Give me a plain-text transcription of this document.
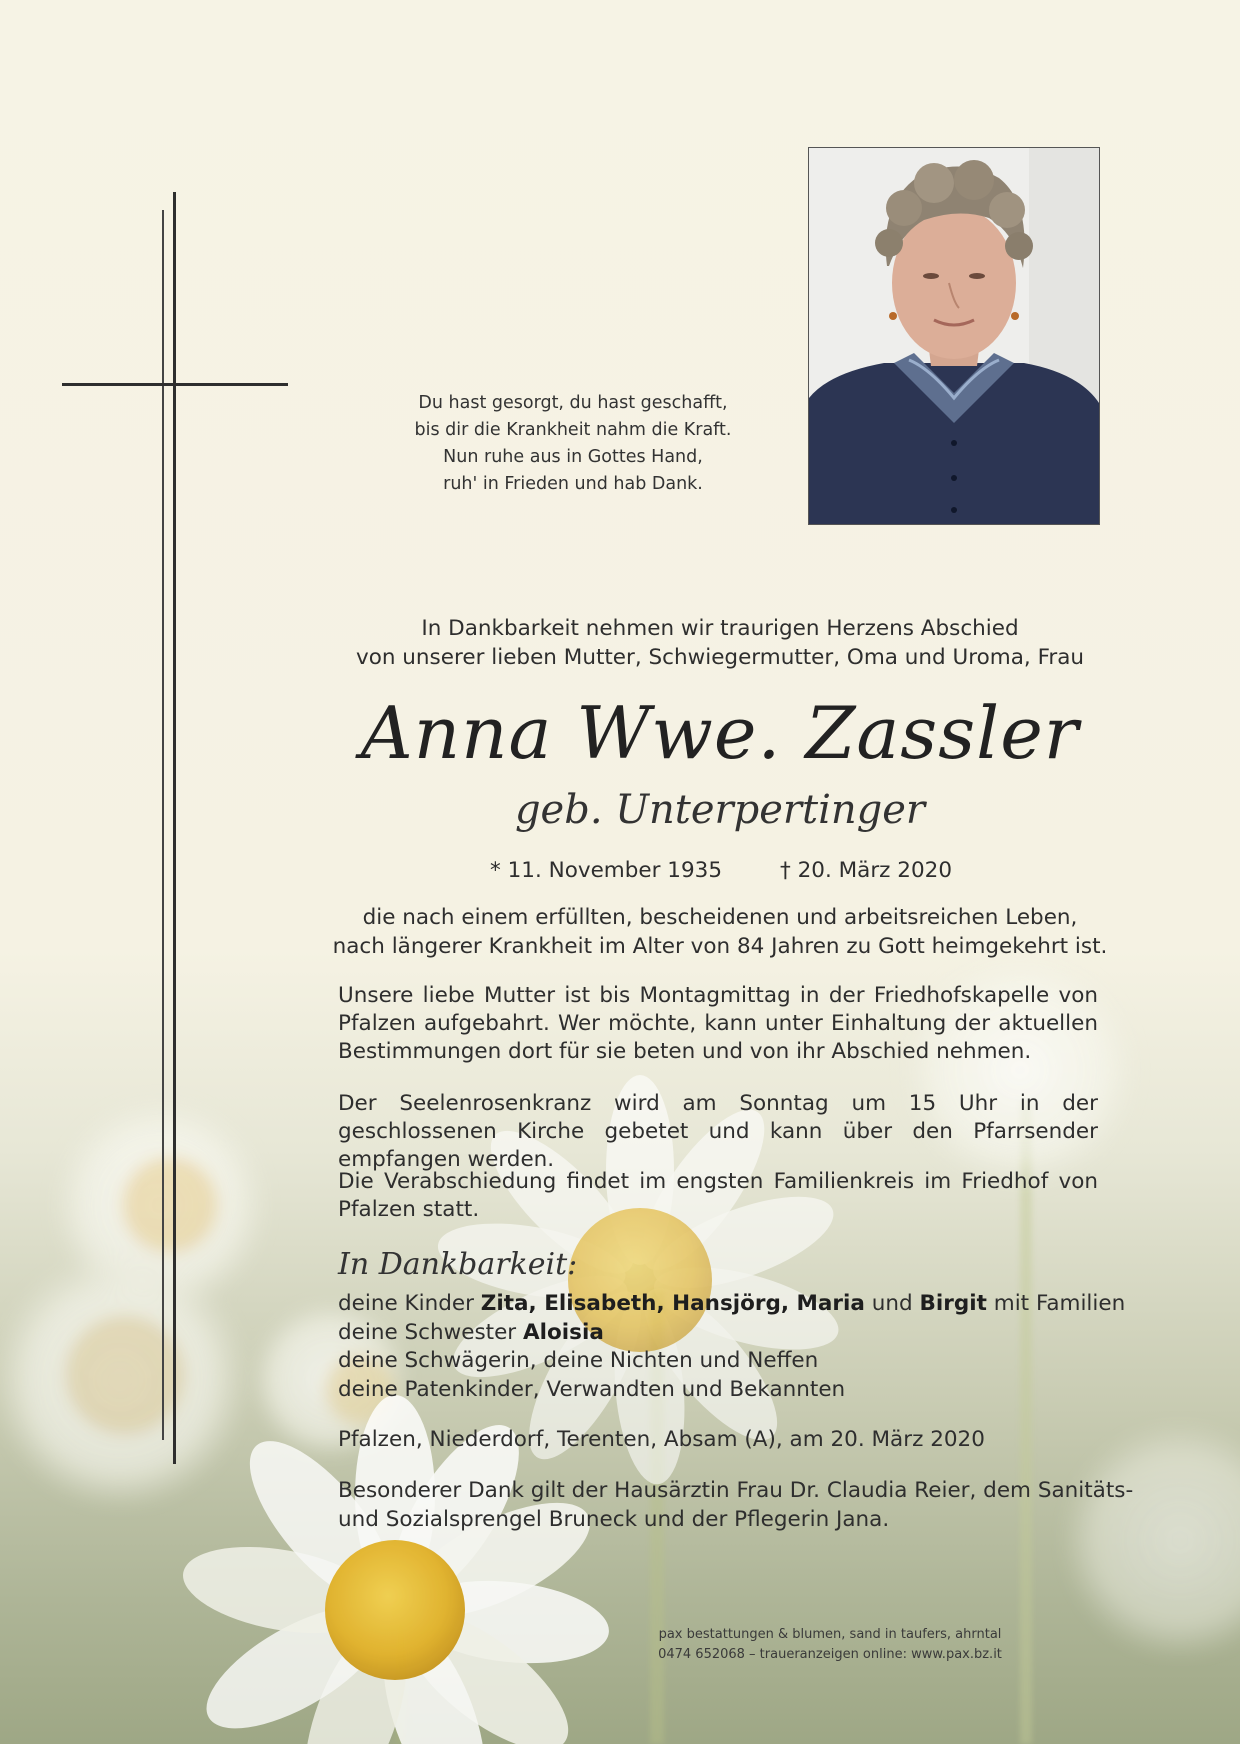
Du hast gesorgt, du hast geschafft,
bis dir die Krankheit nahm die Kraft.
Nun ruhe aus in Gottes Hand,
ruh' in Frieden und hab Dank.
In Dankbarkeit nehmen wir traurigen Herzens Abschied
von unserer lieben Mutter, Schwiegermutter, Oma und Uroma, Frau
Anna Wwe. Zassler
geb. Unterpertinger
* 11. November 1935	† 20. März 2020
die nach einem erfüllten, bescheidenen und arbeitsreichen Leben,
nach längerer Krankheit im Alter von 84 Jahren zu Gott heimgekehrt ist.
Unsere liebe Mutter ist bis Montagmittag in der Friedhofskapelle von Pfalzen aufgebahrt. Wer möchte, kann unter Einhaltung der aktuellen Bestimmungen dort für sie beten und von ihr Abschied nehmen.
Der Seelenrosenkranz wird am Sonntag um 15 Uhr in der geschlossenen Kirche gebetet und kann über den Pfarrsender empfangen werden.
Die Verabschiedung findet im engsten Familienkreis im Friedhof von Pfalzen statt.
In Dankbarkeit:
deine Kinder Zita, Elisabeth, Hansjörg, Maria und Birgit mit Familien
deine Schwester Aloisia
deine Schwägerin, deine Nichten und Neffen
deine Patenkinder, Verwandten und Bekannten
Pfalzen, Niederdorf, Terenten, Absam (A), am 20. März 2020
Besonderer Dank gilt der Hausärztin Frau Dr. Claudia Reier, dem Sanitäts-
und Sozialsprengel Bruneck und der Pflegerin Jana.
pax bestattungen & blumen, sand in taufers, ahrntal
0474 652068 – traueranzeigen online: www.pax.bz.it
